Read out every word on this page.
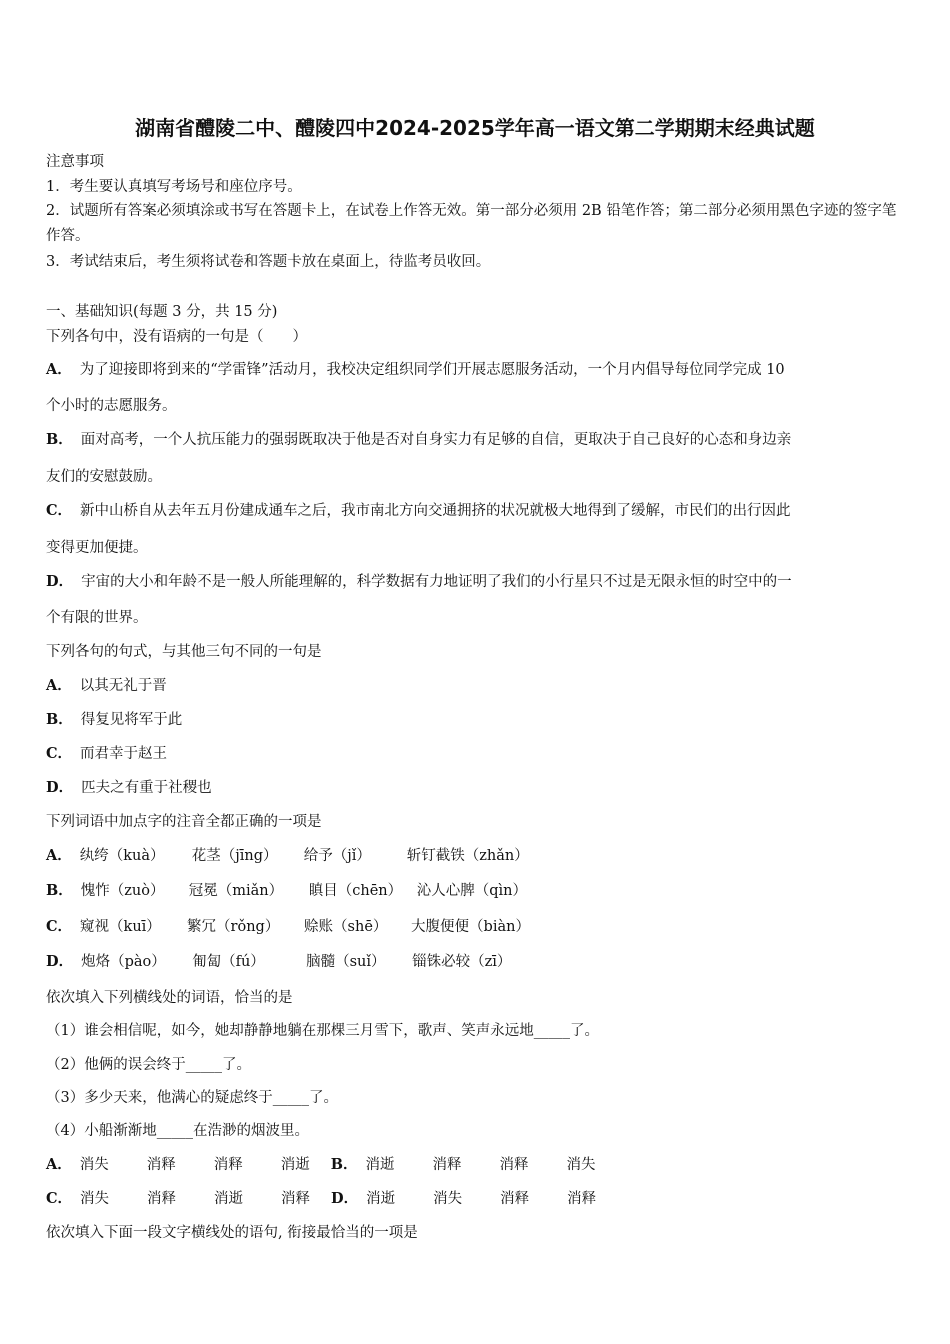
湖南省醴陵二中、醴陵四中2024-2025学年高一语文第二学期期末经典试题
注意事项
1．考生要认真填写考场号和座位序号。
2．试题所有答案必须填涂或书写在答题卡上，在试卷上作答无效。第一部分必须用 2B 铅笔作答；第二部分必须用黑色字迹的签字笔作答。
3．考试结束后，考生须将试卷和答题卡放在桌面上，待监考员收回。
一、基础知识(每题 3 分，共 15 分)
下列各句中，没有语病的一句是（　　）
A． 为了迎接即将到来的“学雷锋”活动月，我校决定组织同学们开展志愿服务活动，一个月内倡导每位同学完成 10
个小时的志愿服务。
B． 面对高考，一个人抗压能力的强弱既取决于他是否对自身实力有足够的自信，更取决于自己良好的心态和身边亲
友们的安慰鼓励。
C． 新中山桥自从去年五月份建成通车之后，我市南北方向交通拥挤的状况就极大地得到了缓解，市民们的出行因此
变得更加便捷。
D． 宇宙的大小和年龄不是一般人所能理解的，科学数据有力地证明了我们的小行星只不过是无限永恒的时空中的一
个有限的世界。
下列各句的句式，与其他三句不同的一句是
A． 以其无礼于晋
B． 得复见将军于此
C． 而君幸于赵王
D． 匹夫之有重于社稷也
下列词语中加点字的注音全都正确的一项是
A． 纨绔（kuà） 花茎（jīng） 给予（jǐ） 斩钉截铁（zhǎn）
B． 愧怍（zuò） 冠冕（miǎn） 瞋目（chēn） 沁人心脾（qìn）
C． 窥视（kuī） 繁冗（rǒng） 赊账（shē） 大腹便便（biàn）
D． 炮烙（pào） 匍匐（fú）	脑髓（suǐ） 锱铢必较（zī）
依次填入下列横线处的词语，恰当的是
（1）谁会相信呢，如今，她却静静地躺在那棵三月雪下，歌声、笑声永远地_____了。
（2）他俩的误会终于_____了。
（3）多少天来，他满心的疑虑终于_____了。
（4）小船渐渐地_____在浩渺的烟波里。
A． 消失	消释	消释	消逝 B． 消逝	消释	消释	消失
C． 消失	消释	消逝	消释 D． 消逝	消失	消释	消释
依次填入下面一段文字横线处的语句, 衔接最恰当的一项是
